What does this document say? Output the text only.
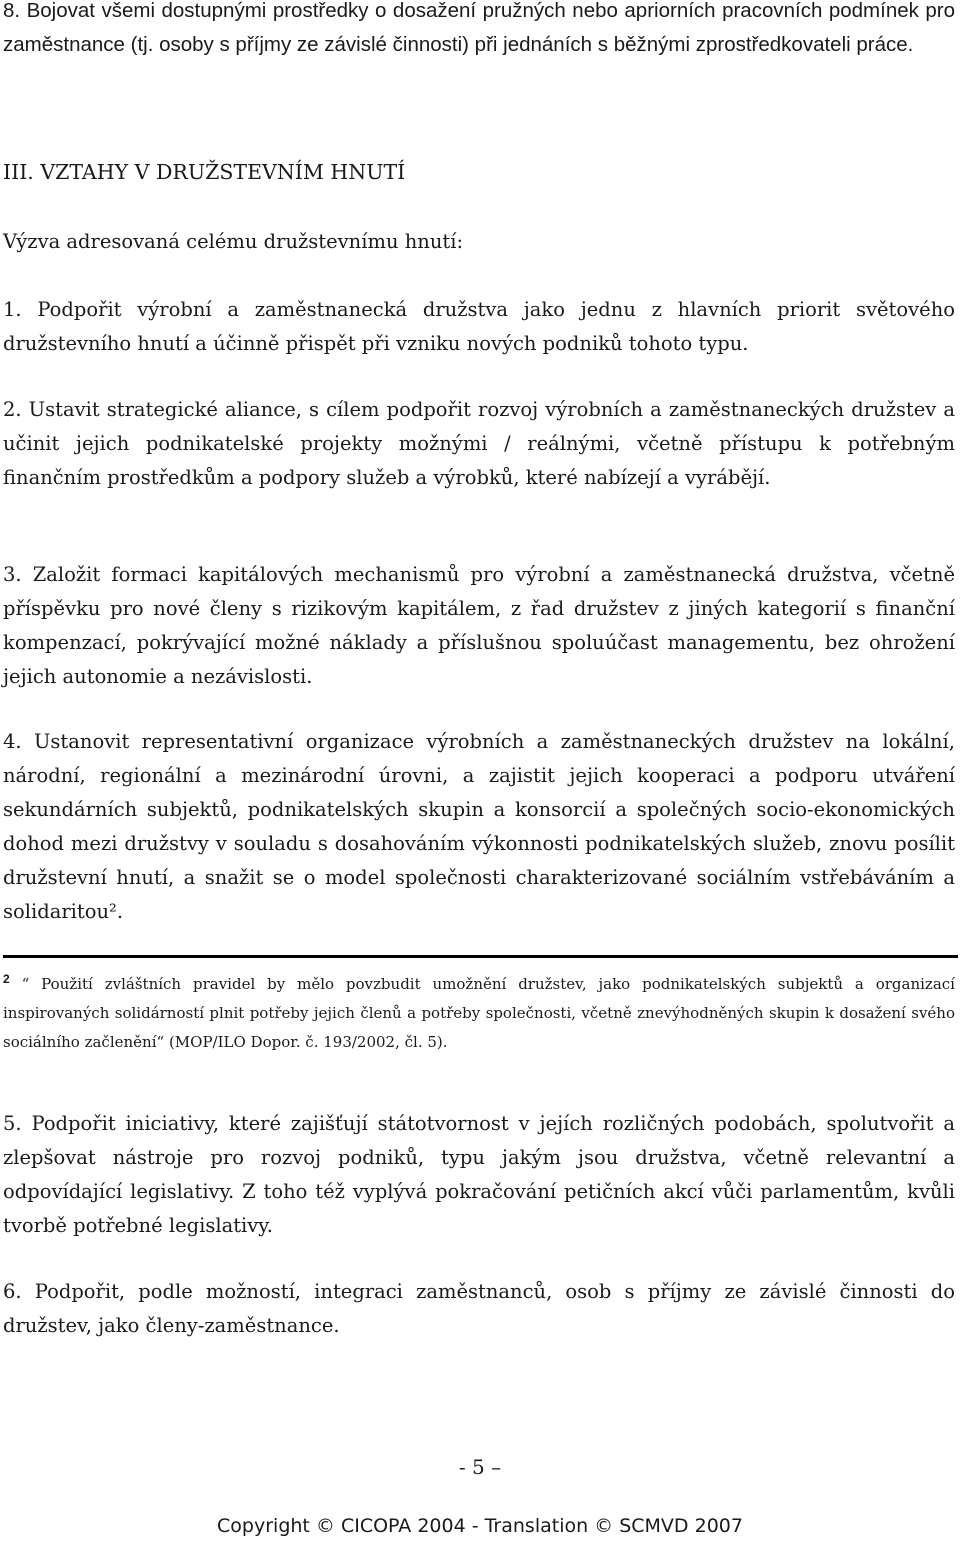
8. Bojovat všemi dostupnými prostředky o dosažení pružných nebo apriorních pracovních podmínek pro zaměstnance (tj. osoby s příjmy ze závislé činnosti) při jednáních s běžnými zprostředkovateli práce.

III. VZTAHY V DRUŽSTEVNÍM HNUTÍ

Výzva adresovaná celému družstevnímu hnutí:

1. Podpořit výrobní a zaměstnanecká družstva jako jednu z hlavních priorit světového družstevního hnutí a účinně přispět při vzniku nových podniků tohoto typu.

2. Ustavit strategické aliance, s cílem podpořit rozvoj výrobních a zaměstnaneckých družstev a učinit jejich podnikatelské projekty možnými / reálnými, včetně přístupu k potřebným finančním prostředkům a podpory služeb a výrobků, které nabízejí a vyrábějí.

3. Založit formaci kapitálových mechanismů pro výrobní a zaměstnanecká družstva, včetně příspěvku pro nové členy s rizikovým kapitálem, z řad družstev z jiných kategorií s finanční kompenzací, pokrývající možné náklady a příslušnou spoluúčast managementu, bez ohrožení jejich autonomie a nezávislosti.

4. Ustanovit representativní organizace výrobních a zaměstnaneckých družstev na lokální, národní, regionální a mezinárodní úrovni, a zajistit jejich kooperaci a podporu utváření sekundárních subjektů, podnikatelských skupin a konsorcií a společných socio-ekonomických dohod mezi družstvy v souladu s dosahováním výkonnosti podnikatelských služeb, znovu posílit družstevní hnutí, a snažit se o model společnosti charakterizované sociálním vstřebáváním a solidaritou².

$^2$ “ Použití zvláštních pravidel by mělo povzbudit umožnění družstev, jako podnikatelských subjektů a organizací inspirovaných solidárností plnit potřeby jejich členů a potřeby společnosti, včetně znevýhodněných skupin k dosažení svého sociálního začlenění“ (MOP/ILO Dopor. č. 193/2002, čl. 5).

5. Podpořit iniciativy, které zajišťují státotvornost v jejích rozličných podobách, spolutvořit a zlepšovat nástroje pro rozvoj podniků, typu jakým jsou družstva, včetně relevantní a odpovídající legislativy. Z toho též vyplývá pokračování petičních akcí vůči parlamentům, kvůli tvorbě potřebné legislativy.

6. Podpořit, podle možností, integraci zaměstnanců, osob s příjmy ze závislé činnosti do družstev, jako členy-zaměstnance.

- 5 –
Copyright © CICOPA 2004 - Translation © SCMVD 2007
